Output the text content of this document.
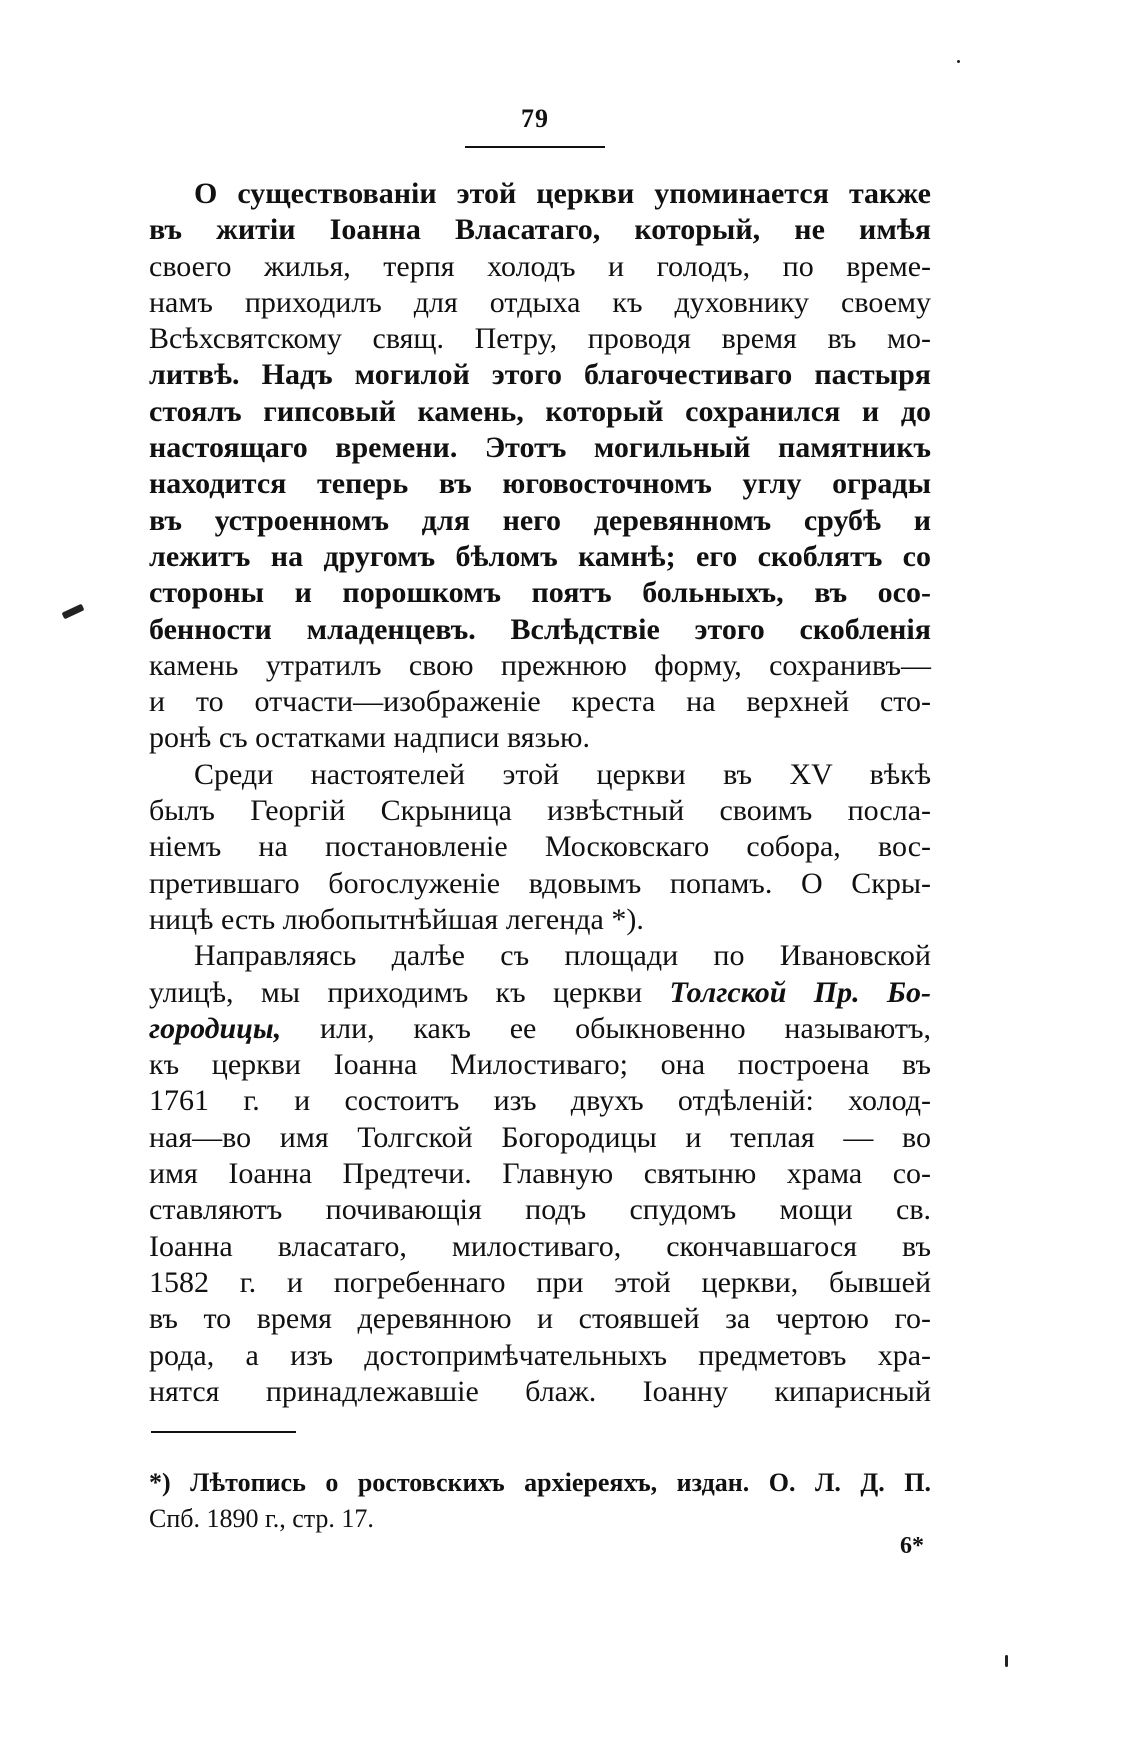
79
О существованіи этой церкви упоминается также
въ житіи Іоанна Власатаго, который, не имѣя
своего жилья, терпя холодъ и голодъ, по време-
намъ приходилъ для отдыха къ духовнику своему
Всѣхсвятскому свящ. Петру, проводя время въ мо-
литвѣ. Надъ могилой этого благочестиваго пастыря
стоялъ гипсовый камень, который сохранился и до
настоящаго времени. Этотъ могильный памятникъ
находится теперь въ юговосточномъ углу ограды
въ устроенномъ для него деревянномъ срубѣ и
лежитъ на другомъ бѣломъ камнѣ; его скоблятъ со
стороны и порошкомъ поятъ больныхъ, въ осо-
бенности младенцевъ. Вслѣдствіе этого скобленія
камень утратилъ свою прежнюю форму, сохранивъ—
и то отчасти—изображеніе креста на верхней сто-
ронѣ съ остатками надписи вязью.
Среди настоятелей этой церкви въ XV вѣкѣ
былъ Георгій Скрыница извѣстный своимъ посла-
ніемъ на постановленіе Московскаго собора, вос-
претившаго богослуженіе вдовымъ попамъ. О Скры-
ницѣ есть любопытнѣйшая легенда *).
Направляясь далѣе съ площади по Ивановской
улицѣ, мы приходимъ къ церкви Толгской Пр. Бо-
городицы, или, какъ ее обыкновенно называютъ,
къ церкви Іоанна Милостиваго; она построена въ
1761 г. и состоитъ изъ двухъ отдѣленій: холод-
ная—во имя Толгской Богородицы и теплая — во
имя Іоанна Предтечи. Главную святыню храма со-
ставляютъ почивающія подъ спудомъ мощи св.
Іоанна власатаго, милостиваго, скончавшагося въ
1582 г. и погребеннаго при этой церкви, бывшей
въ то время деревянною и стоявшей за чертою го-
рода, а изъ достопримѣчательныхъ предметовъ хра-
нятся принадлежавшіе блаж. Іоанну кипарисный
*) Лѣтопись о ростовскихъ архіереяхъ, издан. О. Л. Д. П.
Спб. 1890 г., стр. 17.
6*
